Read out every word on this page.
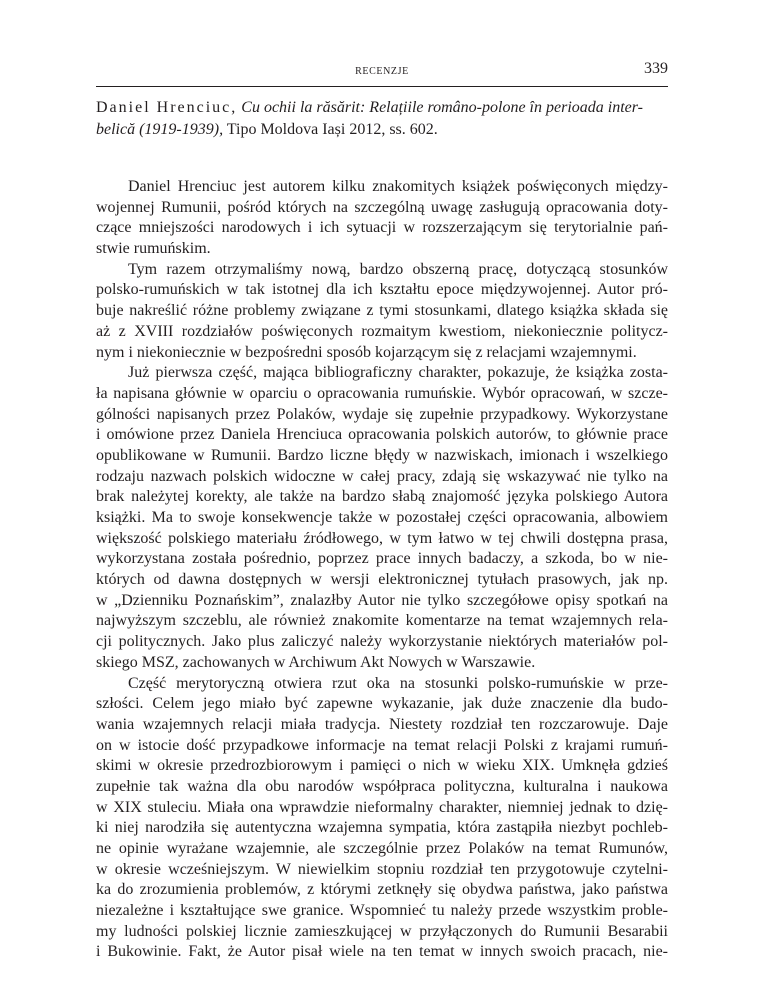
RECENZJE	339
Daniel Hrenciuc, Cu ochii la răsărit: Relațiile româno-polone în perioada inter-
belică (1919-1939), Tipo Moldova Iași 2012, ss. 602.
Daniel Hrenciuc jest autorem kilku znakomitych książek poświęconych między-
wojennej Rumunii, pośród których na szczególną uwagę zasługują opracowania doty-
czące mniejszości narodowych i ich sytuacji w rozszerzającym się terytorialnie pań-
stwie rumuńskim.
Tym razem otrzymaliśmy nową, bardzo obszerną pracę, dotyczącą stosunków
polsko-rumuńskich w tak istotnej dla ich kształtu epoce międzywojennej. Autor pró-
buje nakreślić różne problemy związane z tymi stosunkami, dlatego książka składa się
aż z XVIII rozdziałów poświęconych rozmaitym kwestiom, niekoniecznie politycz-
nym i niekoniecznie w bezpośredni sposób kojarzącym się z relacjami wzajemnymi.
Już pierwsza część, mająca bibliograficzny charakter, pokazuje, że książka zosta-
ła napisana głównie w oparciu o opracowania rumuńskie. Wybór opracowań, w szcze-
gólności napisanych przez Polaków, wydaje się zupełnie przypadkowy. Wykorzystane
i omówione przez Daniela Hrenciuca opracowania polskich autorów, to głównie prace
opublikowane w Rumunii. Bardzo liczne błędy w nazwiskach, imionach i wszelkiego
rodzaju nazwach polskich widoczne w całej pracy, zdają się wskazywać nie tylko na
brak należytej korekty, ale także na bardzo słabą znajomość języka polskiego Autora
książki. Ma to swoje konsekwencje także w pozostałej części opracowania, albowiem
większość polskiego materiału źródłowego, w tym łatwo w tej chwili dostępna prasa,
wykorzystana została pośrednio, poprzez prace innych badaczy, a szkoda, bo w nie-
których od dawna dostępnych w wersji elektronicznej tytułach prasowych, jak np.
w „Dzienniku Poznańskim”, znalazłby Autor nie tylko szczegółowe opisy spotkań na
najwyższym szczeblu, ale również znakomite komentarze na temat wzajemnych rela-
cji politycznych. Jako plus zaliczyć należy wykorzystanie niektórych materiałów pol-
skiego MSZ, zachowanych w Archiwum Akt Nowych w Warszawie.
Część merytoryczną otwiera rzut oka na stosunki polsko-rumuńskie w prze-
szłości. Celem jego miało być zapewne wykazanie, jak duże znaczenie dla budo-
wania wzajemnych relacji miała tradycja. Niestety rozdział ten rozczarowuje. Daje
on w istocie dość przypadkowe informacje na temat relacji Polski z krajami rumuń-
skimi w okresie przedrozbiorowym i pamięci o nich w wieku XIX. Umknęła gdzieś
zupełnie tak ważna dla obu narodów współpraca polityczna, kulturalna i naukowa
w XIX stuleciu. Miała ona wprawdzie nieformalny charakter, niemniej jednak to dzię-
ki niej narodziła się autentyczna wzajemna sympatia, która zastąpiła niezbyt pochleb-
ne opinie wyrażane wzajemnie, ale szczególnie przez Polaków na temat Rumunów,
w okresie wcześniejszym. W niewielkim stopniu rozdział ten przygotowuje czytelni-
ka do zrozumienia problemów, z którymi zetknęły się obydwa państwa, jako państwa
niezależne i kształtujące swe granice. Wspomnieć tu należy przede wszystkim proble-
my ludności polskiej licznie zamieszkującej w przyłączonych do Rumunii Besarabii
i Bukowinie. Fakt, że Autor pisał wiele na ten temat w innych swoich pracach, nie-
